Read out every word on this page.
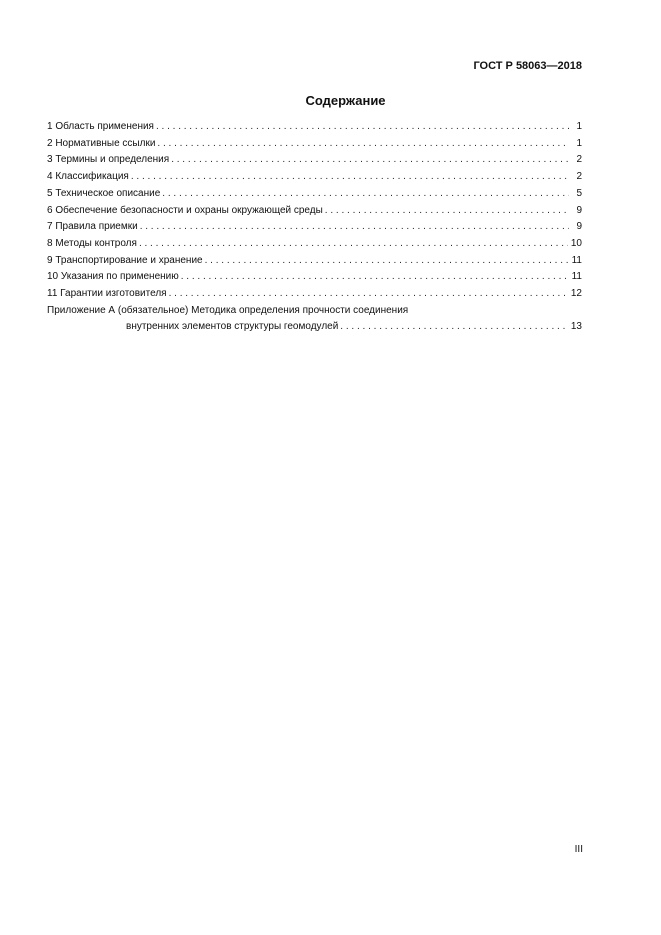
ГОСТ Р 58063—2018
Содержание
1 Область применения . . .	1
2 Нормативные ссылки . . .	1
3 Термины и определения . . .	2
4 Классификация . . .	2
5 Техническое описание . . .	5
6 Обеспечение безопасности и охраны окружающей среды . . .	9
7 Правила приемки . . .	9
8 Методы контроля . . .	10
9 Транспортирование и хранение . . .	11
10 Указания по применению . . .	11
11 Гарантии изготовителя . . .	12
Приложение А (обязательное) Методика определения прочности соединения
внутренних элементов структуры геомодулей . . .	13
III
